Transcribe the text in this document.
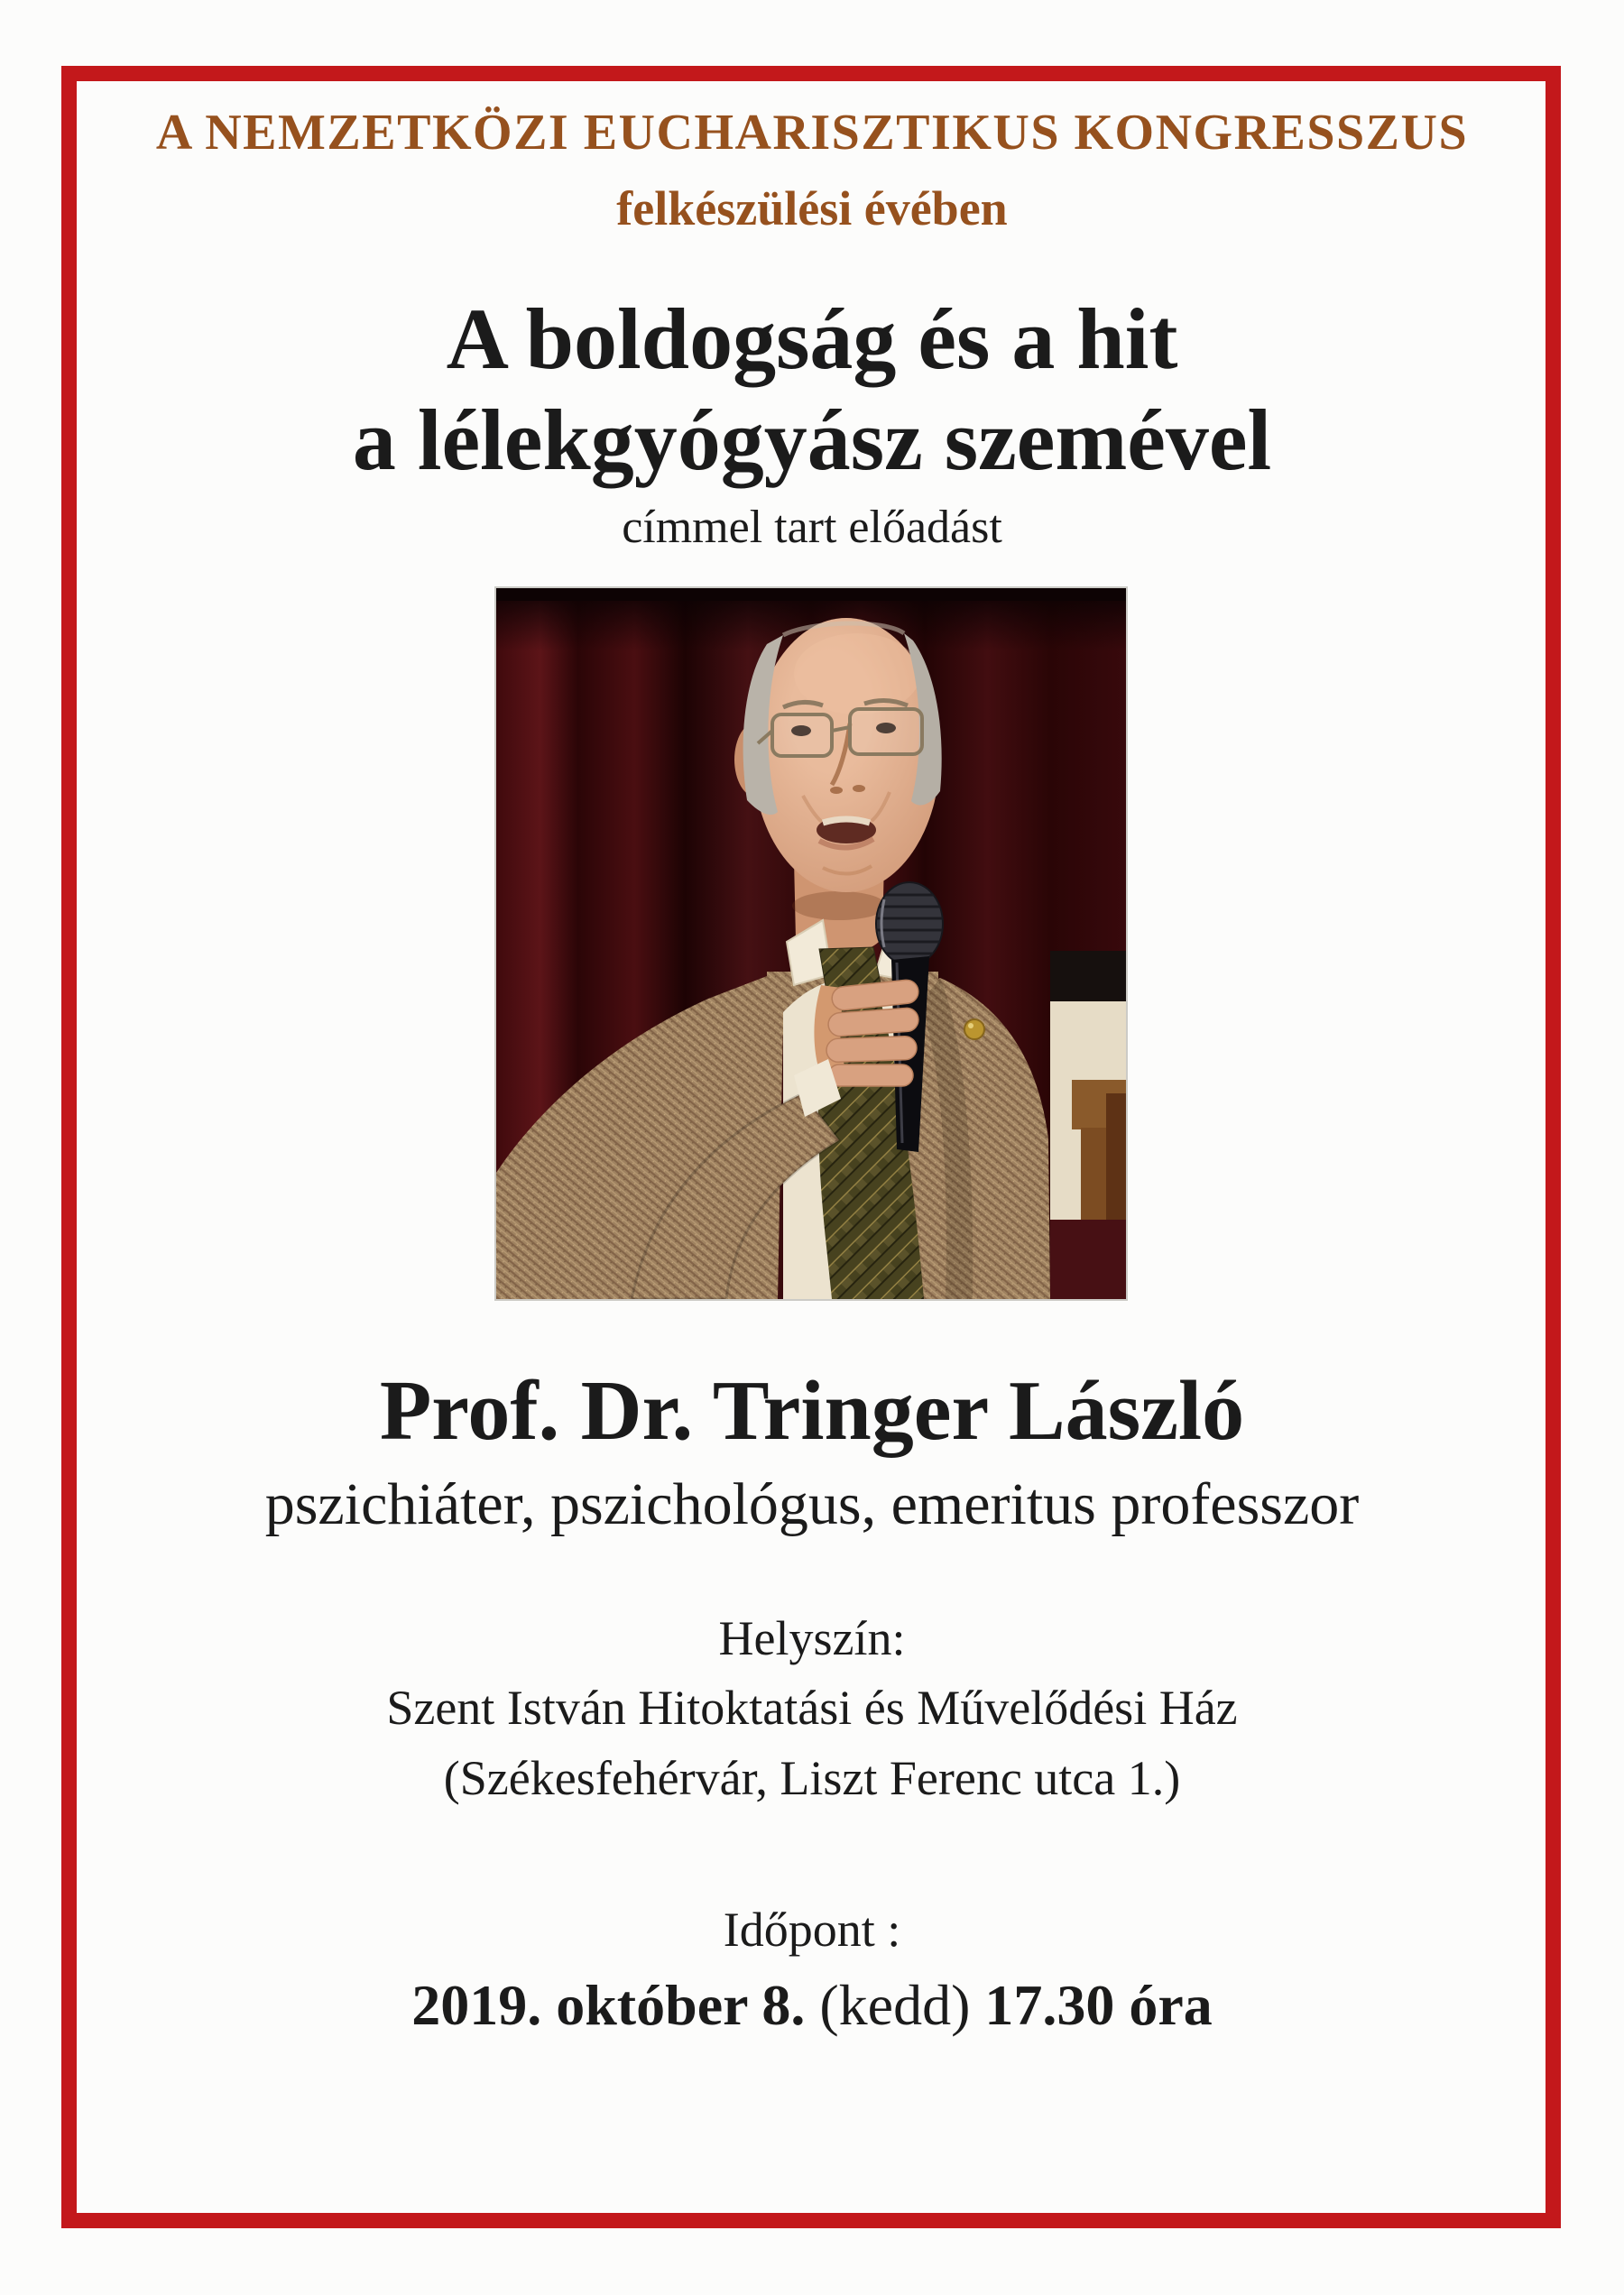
A NEMZETKÖZI EUCHARISZTIKUS KONGRESSZUS
felkészülési évében
A boldogság és a hit
a lélekgyógyász szemével
címmel tart előadást
Prof. Dr. Tringer László
pszichiáter, pszichológus, emeritus professzor
Helyszín:
Szent István Hitoktatási és Művelődési Ház
(Székesfehérvár, Liszt Ferenc utca 1.)
Időpont :
2019. október 8. (kedd) 17.30 óra
